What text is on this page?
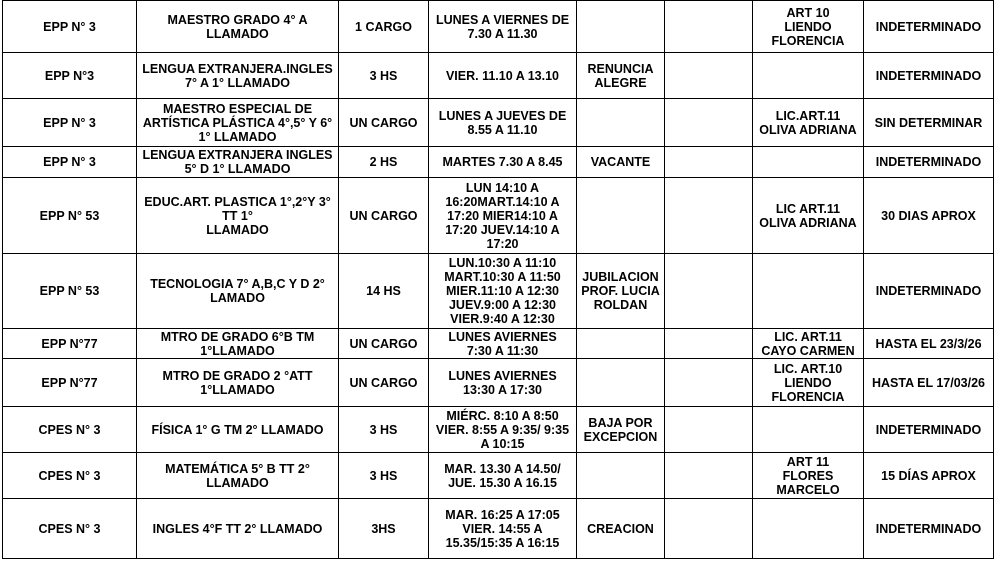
EPP N° 3	MAESTRO GRADO 4° A
LLAMADO	1 CARGO	LUNES A VIERNES DE
7.30 A 11.30			ART 10
LIENDO
FLORENCIA	INDETERMINADO
EPP N°3	LENGUA EXTRANJERA.INGLES
7° A 1° LLAMADO	3 HS	VIER. 11.10 A 13.10	RENUNCIA
ALEGRE			INDETERMINADO
EPP N° 3	MAESTRO ESPECIAL DE
ARTÍSTICA PLÁSTICA 4°,5° Y 6°
1° LLAMADO	UN CARGO	LUNES A JUEVES DE
8.55 A 11.10			LIC.ART.11
OLIVA ADRIANA	SIN DETERMINAR
EPP N° 3	LENGUA EXTRANJERA INGLES
5° D 1° LLAMADO	2 HS	MARTES 7.30 A 8.45	VACANTE			INDETERMINADO
EPP N° 53	EDUC.ART. PLASTICA 1°,2°Y 3° TT 1°
LLAMADO	UN CARGO	LUN 14:10 A
16:20MART.14:10 A
17:20 MIER14:10 A
17:20 JUEV.14:10 A
17:20			LIC ART.11
OLIVA ADRIANA	30 DIAS APROX
EPP N° 53	TECNOLOGIA 7° A,B,C Y D 2°
LAMADO	14 HS	LUN.10:30 A 11:10
MART.10:30 A 11:50
MIER.11:10 A 12:30
JUEV.9:00 A 12:30
VIER.9:40 A 12:30	JUBILACION
PROF. LUCIA
ROLDAN			INDETERMINADO
EPP N°77	MTRO DE GRADO 6°B TM
1°LLAMADO	UN CARGO	LUNES AVIERNES
7:30 A 11:30			LIC. ART.11
CAYO CARMEN	HASTA EL 23/3/26
EPP N°77	MTRO DE GRADO 2 °ATT
1°LLAMADO	UN CARGO	LUNES AVIERNES
13:30 A 17:30			LIC. ART.10
LIENDO
FLORENCIA	HASTA EL 17/03/26
CPES N° 3	FÍSICA 1° G TM 2° LLAMADO	3 HS	MIÉRC. 8:10 A 8:50
VIER. 8:55 A 9:35/ 9:35
A 10:15	BAJA POR
EXCEPCION			INDETERMINADO
CPES N° 3	MATEMÁTICA 5° B TT 2°
LLAMADO	3 HS	MAR. 13.30 A 14.50/
JUE. 15.30 A 16.15			ART 11
FLORES
MARCELO	15 DÍAS APROX
CPES N° 3	INGLES 4°F TT 2° LLAMADO	3HS	MAR. 16:25 A 17:05
VIER. 14:55 A
15.35/15:35 A 16:15	CREACION			INDETERMINADO
